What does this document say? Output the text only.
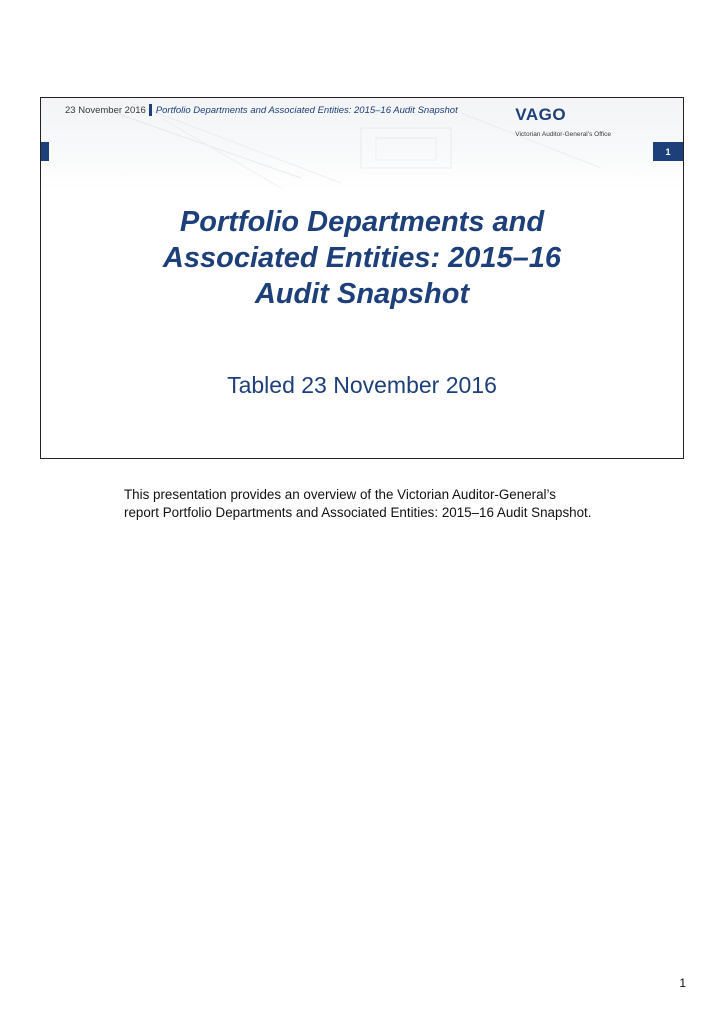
23 November 2016 Portfolio Departments and Associated Entities: 2015–16 Audit Snapshot	VAGO
Victorian Auditor-General’s Office
1
Portfolio Departments and
Associated Entities: 2015–16
Audit Snapshot
Tabled 23 November 2016
This presentation provides an overview of the Victorian Auditor-General’s report Portfolio Departments and Associated Entities: 2015–16 Audit Snapshot.
1
